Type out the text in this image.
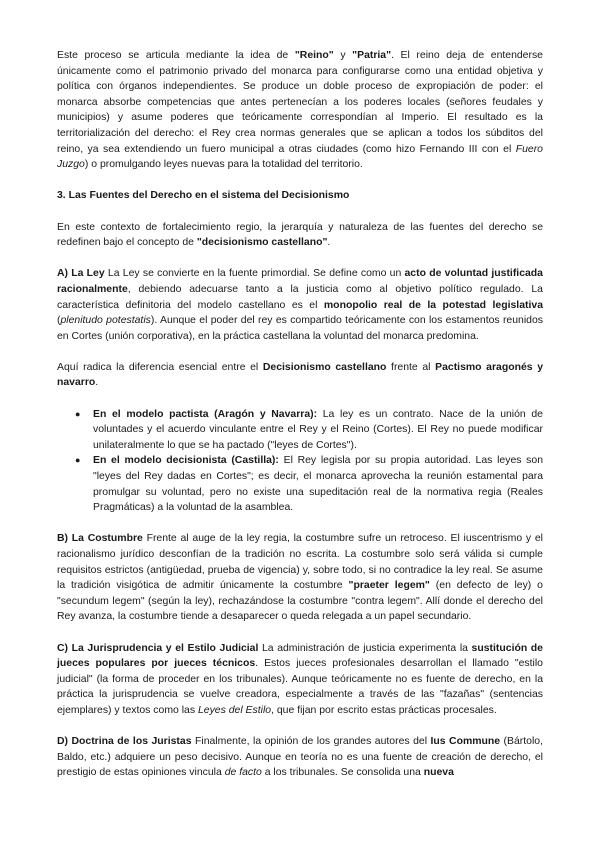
Este proceso se articula mediante la idea de "Reino" y "Patria". El reino deja de entenderse únicamente como el patrimonio privado del monarca para configurarse como una entidad objetiva y política con órganos independientes. Se produce un doble proceso de expropiación de poder: el monarca absorbe competencias que antes pertenecían a los poderes locales (señores feudales y municipios) y asume poderes que teóricamente correspondían al Imperio. El resultado es la territorialización del derecho: el Rey crea normas generales que se aplican a todos los súbditos del reino, ya sea extendiendo un fuero municipal a otras ciudades (como hizo Fernando III con el Fuero Juzgo) o promulgando leyes nuevas para la totalidad del territorio.

3. Las Fuentes del Derecho en el sistema del Decisionismo

En este contexto de fortalecimiento regio, la jerarquía y naturaleza de las fuentes del derecho se redefinen bajo el concepto de "decisionismo castellano".

A) La Ley La Ley se convierte en la fuente primordial. Se define como un acto de voluntad justificada racionalmente, debiendo adecuarse tanto a la justicia como al objetivo político regulado. La característica definitoria del modelo castellano es el monopolio real de la potestad legislativa (plenitudo potestatis). Aunque el poder del rey es compartido teóricamente con los estamentos reunidos en Cortes (unión corporativa), en la práctica castellana la voluntad del monarca predomina.

Aquí radica la diferencia esencial entre el Decisionismo castellano frente al Pactismo aragonés y navarro.

● En el modelo pactista (Aragón y Navarra): La ley es un contrato. Nace de la unión de voluntades y el acuerdo vinculante entre el Rey y el Reino (Cortes). El Rey no puede modificar unilateralmente lo que se ha pactado ("leyes de Cortes").
● En el modelo decisionista (Castilla): El Rey legisla por su propia autoridad. Las leyes son "leyes del Rey dadas en Cortes"; es decir, el monarca aprovecha la reunión estamental para promulgar su voluntad, pero no existe una supeditación real de la normativa regia (Reales Pragmáticas) a la voluntad de la asamblea.

B) La Costumbre Frente al auge de la ley regia, la costumbre sufre un retroceso. El iuscentrismo y el racionalismo jurídico desconfían de la tradición no escrita. La costumbre solo será válida si cumple requisitos estrictos (antigüedad, prueba de vigencia) y, sobre todo, si no contradice la ley real. Se asume la tradición visigótica de admitir únicamente la costumbre "praeter legem" (en defecto de ley) o "secundum legem" (según la ley), rechazándose la costumbre "contra legem". Allí donde el derecho del Rey avanza, la costumbre tiende a desaparecer o queda relegada a un papel secundario.

C) La Jurisprudencia y el Estilo Judicial La administración de justicia experimenta la sustitución de jueces populares por jueces técnicos. Estos jueces profesionales desarrollan el llamado "estilo judicial" (la forma de proceder en los tribunales). Aunque teóricamente no es fuente de derecho, en la práctica la jurisprudencia se vuelve creadora, especialmente a través de las "fazañas" (sentencias ejemplares) y textos como las Leyes del Estilo, que fijan por escrito estas prácticas procesales.

D) Doctrina de los Juristas Finalmente, la opinión de los grandes autores del Ius Commune (Bártolo, Baldo, etc.) adquiere un peso decisivo. Aunque en teoría no es una fuente de creación de derecho, el prestigio de estas opiniones vincula de facto a los tribunales. Se consolida una nueva
